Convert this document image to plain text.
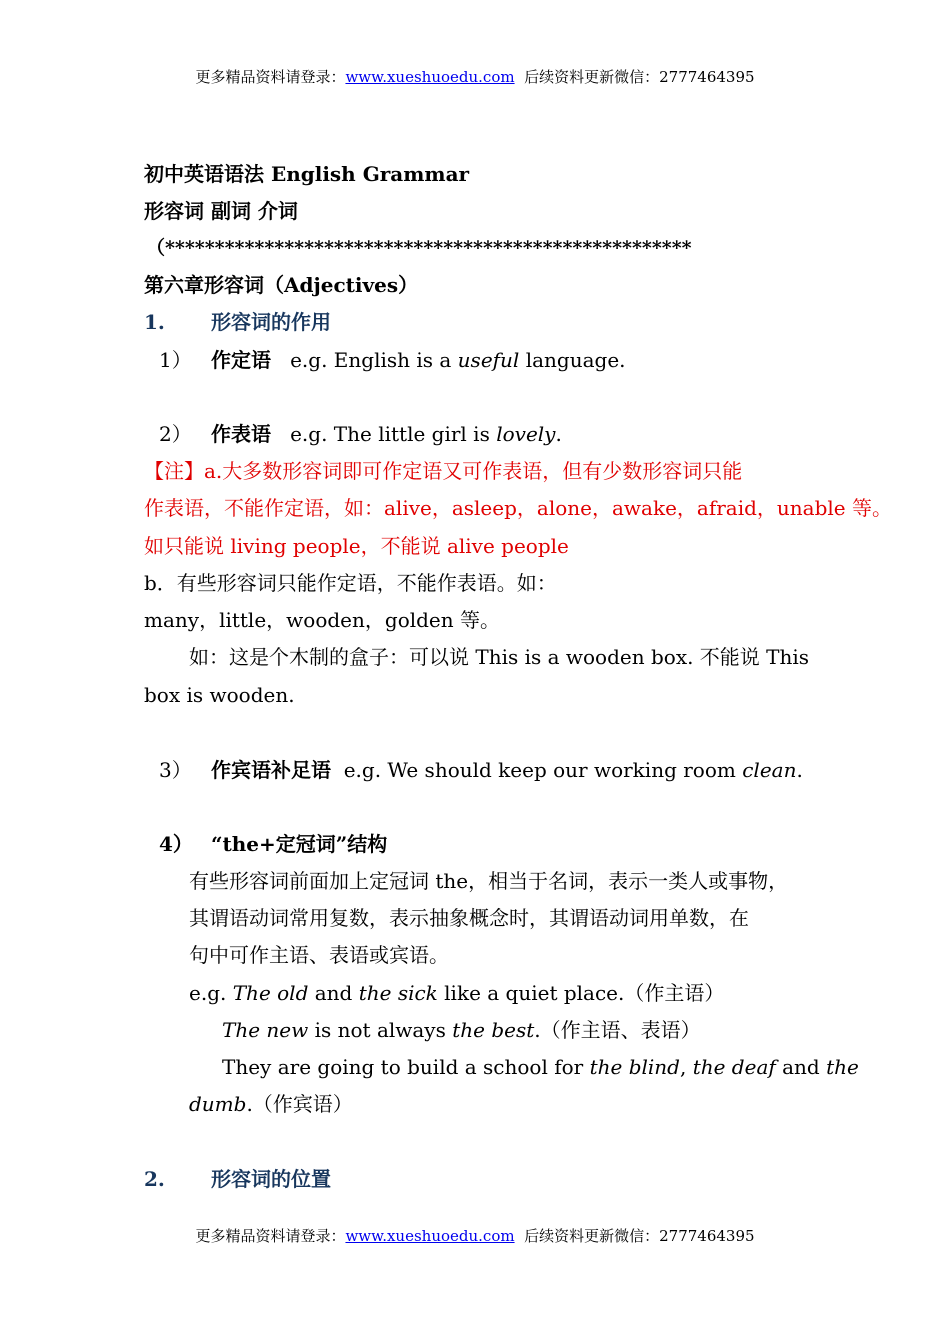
更多精品资料请登录：www.xueshuoedu.com 后续资料更新微信：2777464395
初中英语语法 English Grammar
形容词 副词 介词
（*****************************************************
第六章形容词（Adjectives）
1. 形容词的作用
1） 作定语 e.g. English is a useful language.
2） 作表语 e.g. The little girl is lovely.
【注】a.大多数形容词即可作定语又可作表语，但有少数形容词只能
作表语，不能作定语，如：alive，asleep，alone，awake，afraid，unable 等。
如只能说 living people，不能说 alive people
b．有些形容词只能作定语，不能作表语。如：
many，little，wooden，golden 等。
如：这是个木制的盒子：可以说 This is a wooden box. 不能说 This
box is wooden.
3） 作宾语补足语 e.g. We should keep our working room clean.
4） “the+定冠词”结构
有些形容词前面加上定冠词 the，相当于名词，表示一类人或事物，
其谓语动词常用复数，表示抽象概念时，其谓语动词用单数，在
句中可作主语、表语或宾语。
e.g. The old and the sick like a quiet place.（作主语）
The new is not always the best.（作主语、表语）
They are going to build a school for the blind, the deaf and the
dumb.（作宾语）
2. 形容词的位置
更多精品资料请登录：www.xueshuoedu.com 后续资料更新微信：2777464395
